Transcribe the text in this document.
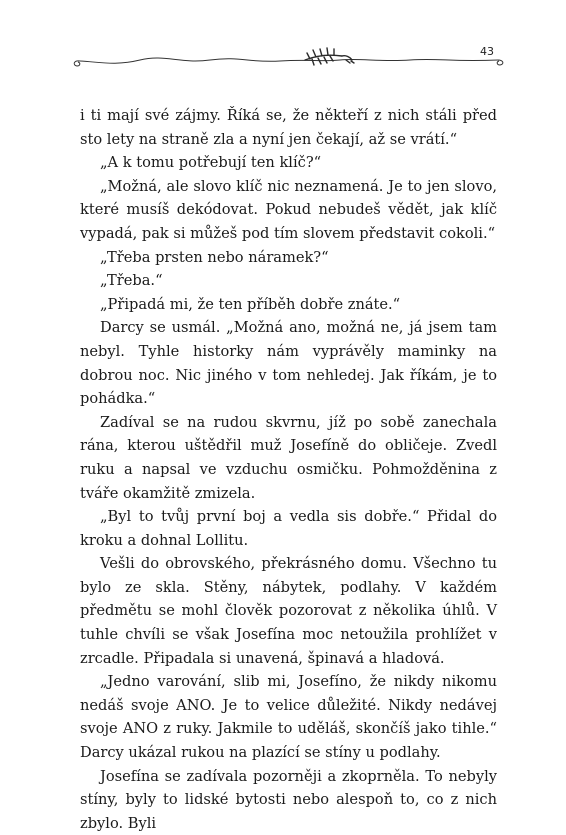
43

i ti mají své zájmy. Říká se, že někteří z nich stáli před sto lety na straně zla a nyní jen čekají, až se vrátí.“

„A k tomu potřebují ten klíč?“

„Možná, ale slovo klíč nic neznamená. Je to jen slovo, které musíš dekódovat. Pokud nebudeš vědět, jak klíč vypadá, pak si můžeš pod tím slovem představit cokoli.“

„Třeba prsten nebo náramek?“

„Třeba.“

„Připadá mi, že ten příběh dobře znáte.“

Darcy se usmál. „Možná ano, možná ne, já jsem tam nebyl. Tyhle historky nám vyprávěly maminky na dobrou noc. Nic jiného v tom nehledej. Jak říkám, je to pohádka.“

Zadíval se na rudou skvrnu, jíž po sobě zanechala rána, kterou uštědřil muž Josefíně do obličeje. Zvedl ruku a napsal ve vzduchu osmičku. Pohmožděnina z tváře okamžitě zmizela.

„Byl to tvůj první boj a vedla sis dobře.“ Přidal do kroku a dohnal Lollitu.

Vešli do obrovského, překrásného domu. Všechno tu bylo ze skla. Stěny, nábytek, podlahy. V každém předmětu se mohl člověk pozorovat z několika úhlů. V tuhle chvíli se však Josefína moc netoužila prohlížet v zrcadle. Připadala si unavená, špinavá a hladová.

„Jedno varování, slib mi, Josefíno, že nikdy nikomu nedáš svoje ANO. Je to velice důležité. Nikdy nedávej svoje ANO z ruky. Jakmile to uděláš, skončíš jako tihle.“ Darcy ukázal rukou na plazící se stíny u podlahy.

Josefína se zadívala pozorněji a zkoprněla. To nebyly stíny, byly to lidské bytosti nebo alespoň to, co z nich zbylo. Byli
